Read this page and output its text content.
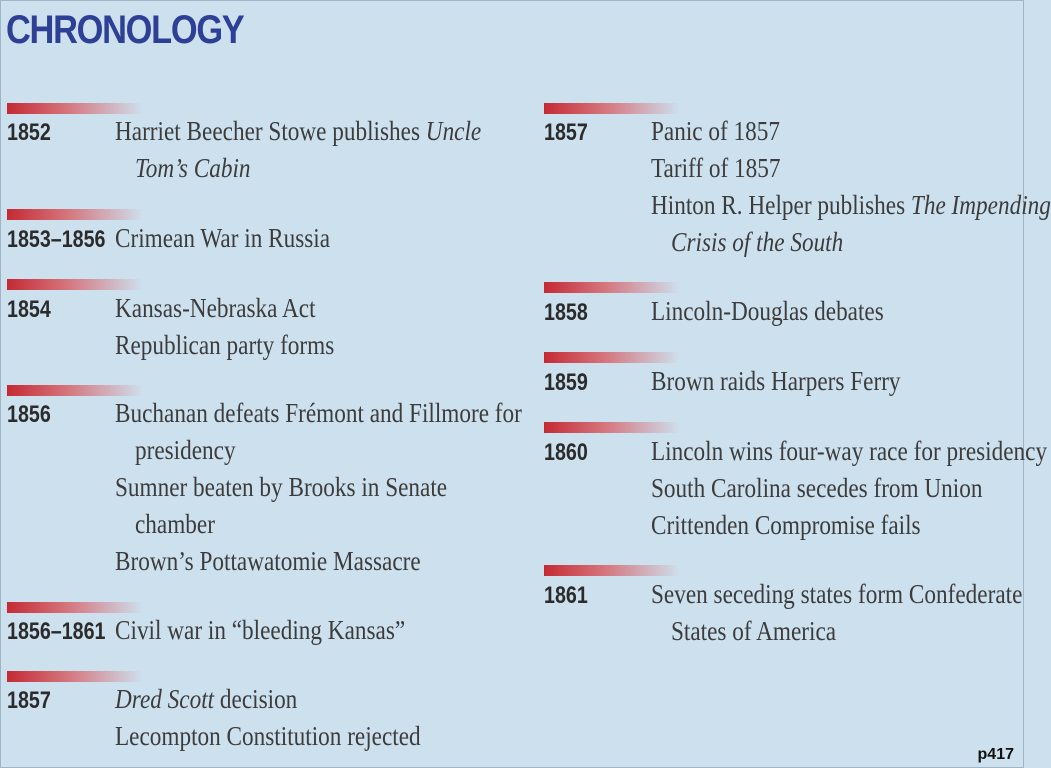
CHRONOLOGY
1852 Harriet Beecher Stowe publishes Uncle
Tom’s Cabin
1853–1856 Crimean War in Russia
1854 Kansas-Nebraska Act
Republican party forms
1856 Buchanan defeats Frémont and Fillmore for
presidency
Sumner beaten by Brooks in Senate
chamber
Brown’s Pottawatomie Massacre
1856–1861 Civil war in “bleeding Kansas”
1857 Dred Scott decision
Lecompton Constitution rejected
1857 Panic of 1857
Tariff of 1857
Hinton R. Helper publishes The Impending
Crisis of the South
1858 Lincoln-Douglas debates
1859 Brown raids Harpers Ferry
1860 Lincoln wins four-way race for presidency
South Carolina secedes from Union
Crittenden Compromise fails
1861 Seven seceding states form Confederate
States of America
p417
